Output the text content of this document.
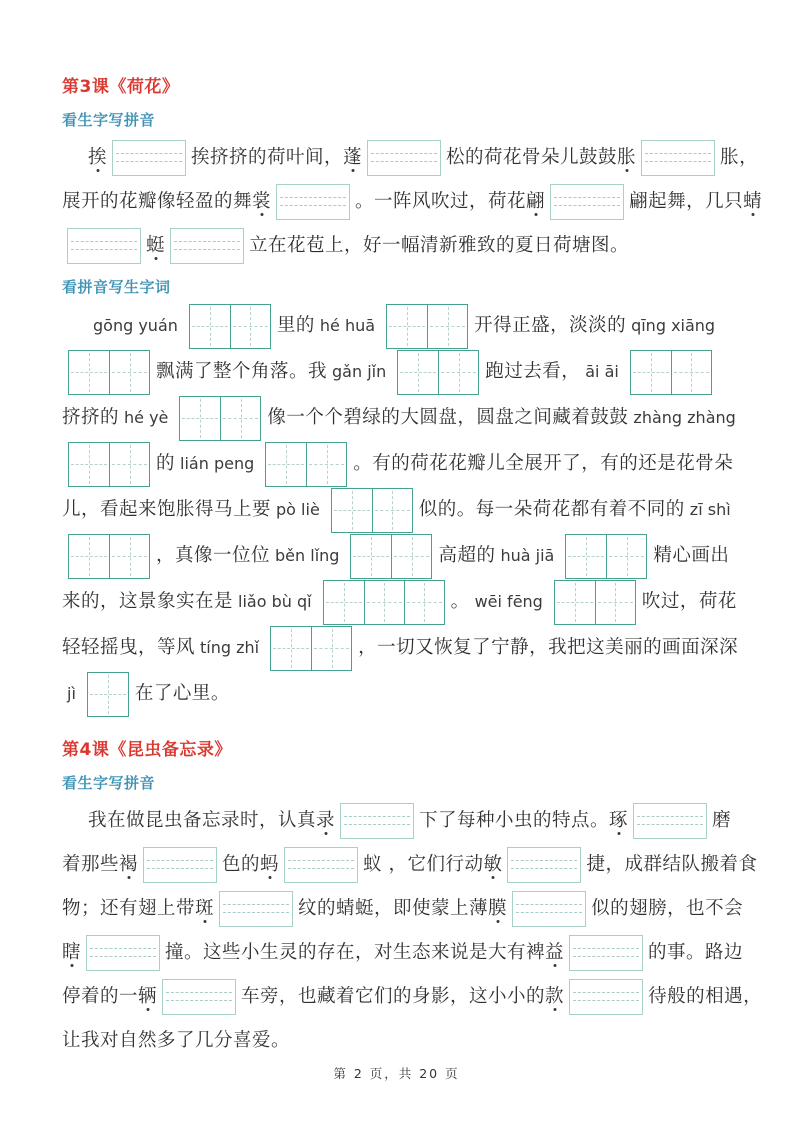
第3课《荷花》
看生字写拼音
挨	挨挤挤的荷叶间， 蓬	松的荷花骨朵儿鼓鼓 胀	胀，
展开的花瓣像轻盈的舞 裳	。一阵风吹过，荷花 翩	翩起舞，几只 蜻
蜓	立在花苞上，好一幅清新雅致的夏日荷塘图。
看拼音写生字词
gōng yuán	里的 hé huā	开得正盛，淡淡的 qīng xiāng
飘满了整个角落。我 gǎn jǐn	跑过去看， āi āi
挤挤的 hé yè	像一个个碧绿的大圆盘，圆盘之间藏着鼓鼓 zhàng zhàng
的 lián peng	。有的荷花花瓣儿全展开了，有的还是花骨朵
儿，看起来饱胀得马上要 pò liè	似的。每一朵荷花都有着不同的 zī shì
，真像一位位 běn lǐng	高超的 huà jiā	精心画出
来的，这景象实在是 liǎo bù qǐ	。 wēi fēng	吹过，荷花
轻轻摇曳，等风 tíng zhǐ	，一切又恢复了宁静，我把这美丽的画面深深
jì	在了心里。
第4课《昆虫备忘录》
看生字写拼音
我在做昆虫备忘录时，认真 录	下了每种小虫的特点。 琢	磨
着那些 褐	色的 蚂	蚁 ，它们行动 敏	捷，成群结队搬着食
物；还有翅上带 斑	纹的蜻蜓，即使蒙上薄 膜	似的翅膀，也不会
瞎	撞。这些小生灵的存在，对生态来说是大有裨 益	的事。路边
停着的一 辆	车旁，也藏着它们的身影，这小小的 款	待般的相遇，
让我对自然多了几分喜爱。
第 2 页，共 20 页
